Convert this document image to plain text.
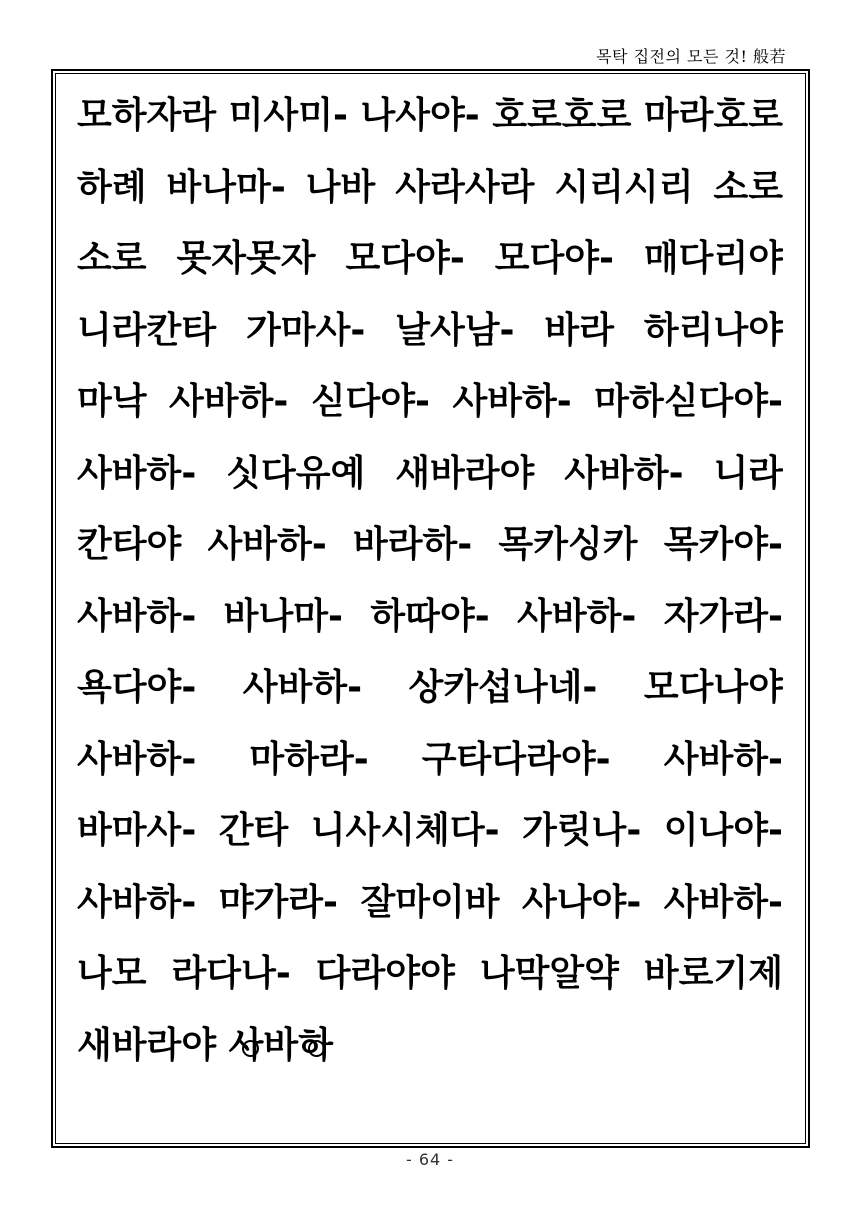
목탁 집전의 모든 것! 般若
모하자라 미사미- 나사야- 호로호로 마라호로
하례 바나마- 나바 사라사라 시리시리 소로
소로 못자못자 모다야- 모다야- 매다리야
니라칸타 가마사- 날사남- 바라 하리나야
마낙 사바하- 싣다야- 사바하- 마하싣다야-
사바하- 싯다유예 새바라야 사바하- 니라
칸타야 사바하- 바라하- 목카싱카 목카야-
사바하- 바나마- 하따야- 사바하- 자가라-
욕다야- 사바하- 상카섭나네- 모다나야
사바하- 마하라- 구타다라야- 사바하-
바마사- 간타 니사시체다- 가릿나- 이나야-
사바하- 먀가라- 잘마이바 사나야- 사바하-
나모 라다나- 다라야야 나막알약 바로기제
새바라야 사바하
- 64 -
